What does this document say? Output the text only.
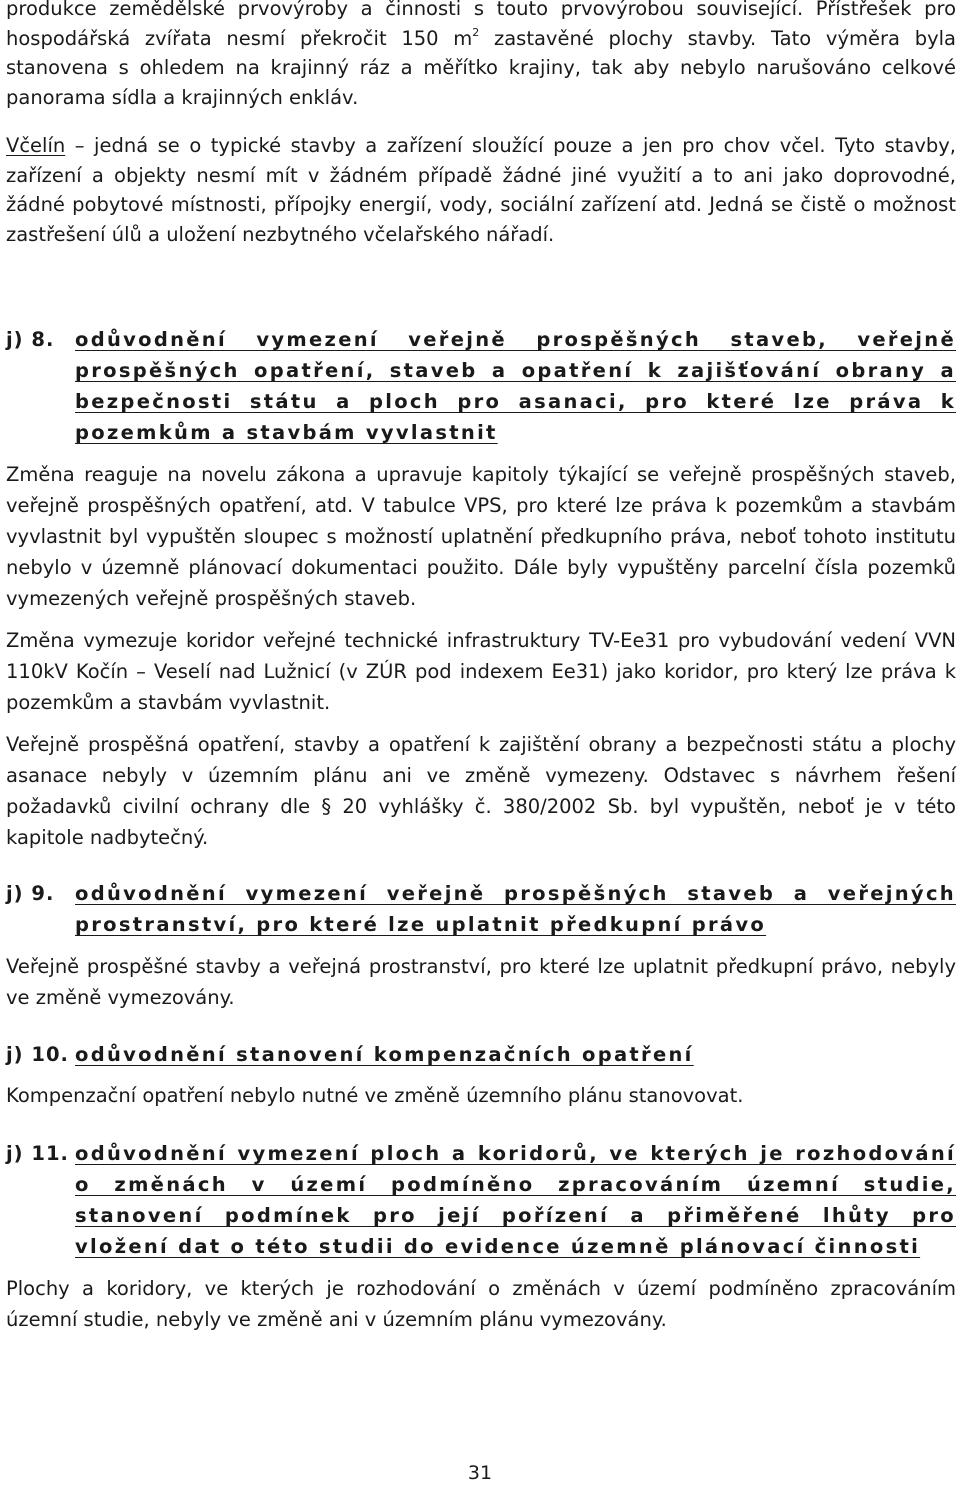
produkce zemědělské prvovýroby a činnosti s touto prvovýrobou související. Přístřešek pro hospodářská zvířata nesmí překročit 150 $m^2$ zastavěné plochy stavby. Tato výměra byla stanovena s ohledem na krajinný ráz a měřítko krajiny, tak aby nebylo narušováno celkové panorama sídla a krajinných enkláv.

Včelín – jedná se o typické stavby a zařízení sloužící pouze a jen pro chov včel. Tyto stavby, zařízení a objekty nesmí mít v žádném případě žádné jiné využití a to ani jako doprovodné, žádné pobytové místnosti, přípojky energií, vody, sociální zařízení atd. Jedná se čistě o možnost zastřešení úlů a uložení nezbytného včelařského nářadí.

j) 8. odůvodnění vymezení veřejně prospěšných staveb, veřejně prospěšných opatření, staveb a opatření k zajišťování obrany a bezpečnosti státu a ploch pro asanaci, pro které lze práva k pozemkům a stavbám vyvlastnit

Změna reaguje na novelu zákona a upravuje kapitoly týkající se veřejně prospěšných staveb, veřejně prospěšných opatření, atd. V tabulce VPS, pro které lze práva k pozemkům a stavbám vyvlastnit byl vypuštěn sloupec s možností uplatnění předkupního práva, neboť tohoto institutu nebylo v územně plánovací dokumentaci použito. Dále byly vypuštěny parcelní čísla pozemků vymezených veřejně prospěšných staveb.

Změna vymezuje koridor veřejné technické infrastruktury TV-Ee31 pro vybudování vedení VVN 110kV Kočín – Veselí nad Lužnicí (v ZÚR pod indexem Ee31) jako koridor, pro který lze práva k pozemkům a stavbám vyvlastnit.

Veřejně prospěšná opatření, stavby a opatření k zajištění obrany a bezpečnosti státu a plochy asanace nebyly v územním plánu ani ve změně vymezeny. Odstavec s návrhem řešení požadavků civilní ochrany dle § 20 vyhlášky č. 380/2002 Sb. byl vypuštěn, neboť je v této kapitole nadbytečný.

j) 9. odůvodnění vymezení veřejně prospěšných staveb a veřejných prostranství, pro které lze uplatnit předkupní právo

Veřejně prospěšné stavby a veřejná prostranství, pro které lze uplatnit předkupní právo, nebyly ve změně vymezovány.

j) 10. odůvodnění stanovení kompenzačních opatření

Kompenzační opatření nebylo nutné ve změně územního plánu stanovovat.

j) 11. odůvodnění vymezení ploch a koridorů, ve kterých je rozhodování o změnách v území podmíněno zpracováním územní studie, stanovení podmínek pro její pořízení a přiměřené lhůty pro vložení dat o této studii do evidence územně plánovací činnosti

Plochy a koridory, ve kterých je rozhodování o změnách v území podmíněno zpracováním územní studie, nebyly ve změně ani v územním plánu vymezovány.

31
